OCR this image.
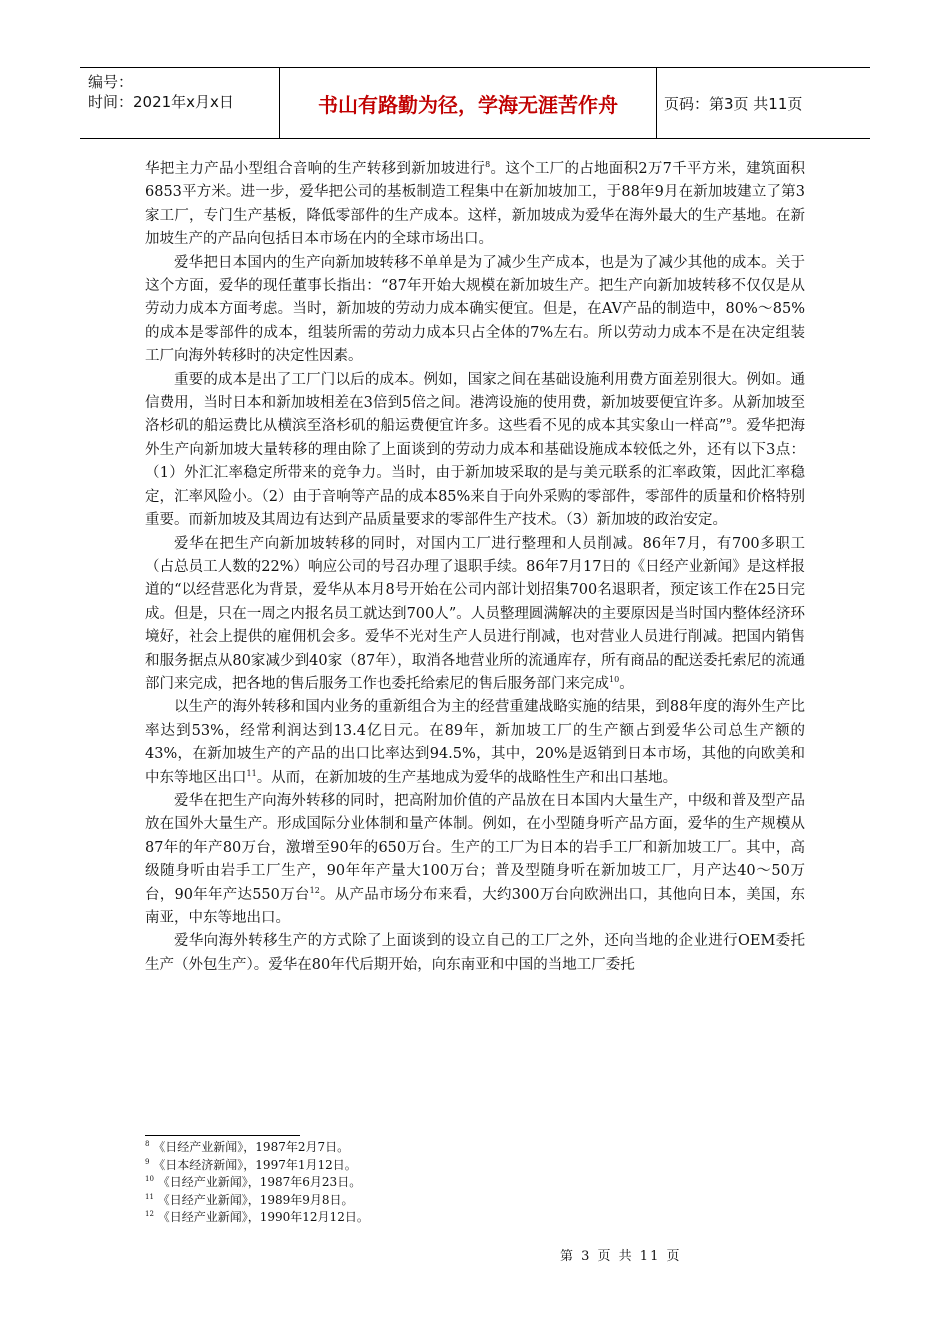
编号：
时间：2021年x月x日	书山有路勤为径，学海无涯苦作舟	页码：第3页 共11页

华把主力产品小型组合音响的生产转移到新加坡进行$^8$。这个工厂的占地面积2万7千平方米，建筑面积6853平方米。进一步，爱华把公司的基板制造工程集中在新加坡加工，于88年9月在新加坡建立了第3家工厂，专门生产基板，降低零部件的生产成本。这样，新加坡成为爱华在海外最大的生产基地。在新加坡生产的产品向包括日本市场在内的全球市场出口。

爱华把日本国内的生产向新加坡转移不单单是为了减少生产成本，也是为了减少其他的成本。关于这个方面，爱华的现任董事长指出：“87年开始大规模在新加坡生产。把生产向新加坡转移不仅仅是从劳动力成本方面考虑。当时，新加坡的劳动力成本确实便宜。但是，在AV产品的制造中，80%～85%的成本是零部件的成本，组装所需的劳动力成本只占全体的7%左右。所以劳动力成本不是在决定组装工厂向海外转移时的决定性因素。

重要的成本是出了工厂门以后的成本。例如，国家之间在基础设施利用费方面差别很大。例如。通信费用，当时日本和新加坡相差在3倍到5倍之间。港湾设施的使用费，新加坡要便宜许多。从新加坡至洛杉矶的船运费比从横滨至洛杉矶的船运费便宜许多。这些看不见的成本其实象山一样高”$^9$。爱华把海外生产向新加坡大量转移的理由除了上面谈到的劳动力成本和基础设施成本较低之外，还有以下3点：（1）外汇汇率稳定所带来的竞争力。当时，由于新加坡采取的是与美元联系的汇率政策，因此汇率稳定，汇率风险小。（2）由于音响等产品的成本85%来自于向外采购的零部件，零部件的质量和价格特别重要。而新加坡及其周边有达到产品质量要求的零部件生产技术。（3）新加坡的政治安定。

爱华在把生产向新加坡转移的同时，对国内工厂进行整理和人员削减。86年7月，有700多职工（占总员工人数的22%）响应公司的号召办理了退职手续。86年7月17日的《日经产业新闻》是这样报道的“以经营恶化为背景，爱华从本月8号开始在公司内部计划招集700名退职者，预定该工作在25日完成。但是，只在一周之内报名员工就达到700人”。人员整理圆满解决的主要原因是当时国内整体经济环境好，社会上提供的雇佣机会多。爱华不光对生产人员进行削减，也对营业人员进行削减。把国内销售和服务据点从80家减少到40家（87年），取消各地营业所的流通库存，所有商品的配送委托索尼的流通部门来完成，把各地的售后服务工作也委托给索尼的售后服务部门来完成$^{10}$。

以生产的海外转移和国内业务的重新组合为主的经营重建战略实施的结果，到88年度的海外生产比率达到53%，经常利润达到13.4亿日元。在89年，新加坡工厂的生产额占到爱华公司总生产额的43%，在新加坡生产的产品的出口比率达到94.5%，其中，20%是返销到日本市场，其他的向欧美和中东等地区出口$^{11}$。从而，在新加坡的生产基地成为爱华的战略性生产和出口基地。

爱华在把生产向海外转移的同时，把高附加价值的产品放在日本国内大量生产，中级和普及型产品放在国外大量生产。形成国际分业体制和量产体制。例如，在小型随身听产品方面，爱华的生产规模从87年的年产80万台，激增至90年的650万台。生产的工厂为日本的岩手工厂和新加坡工厂。其中，高级随身听由岩手工厂生产，90年年产量大100万台；普及型随身听在新加坡工厂，月产达40～50万台，90年年产达550万台$^{12}$。从产品市场分布来看，大约300万台向欧洲出口，其他向日本，美国，东南亚，中东等地出口。

爱华向海外转移生产的方式除了上面谈到的设立自己的工厂之外，还向当地的企业进行OEM委托生产（外包生产）。爱华在80年代后期开始，向东南亚和中国的当地工厂委托

$^8$ 《日经产业新闻》，1987年2月7日。
$^9$ 《日本经济新闻》，1997年1月12日。
$^{10}$ 《日经产业新闻》，1987年6月23日。
$^{11}$ 《日经产业新闻》，1989年9月8日。
$^{12}$ 《日经产业新闻》，1990年12月12日。
第 3 页 共 11 页
